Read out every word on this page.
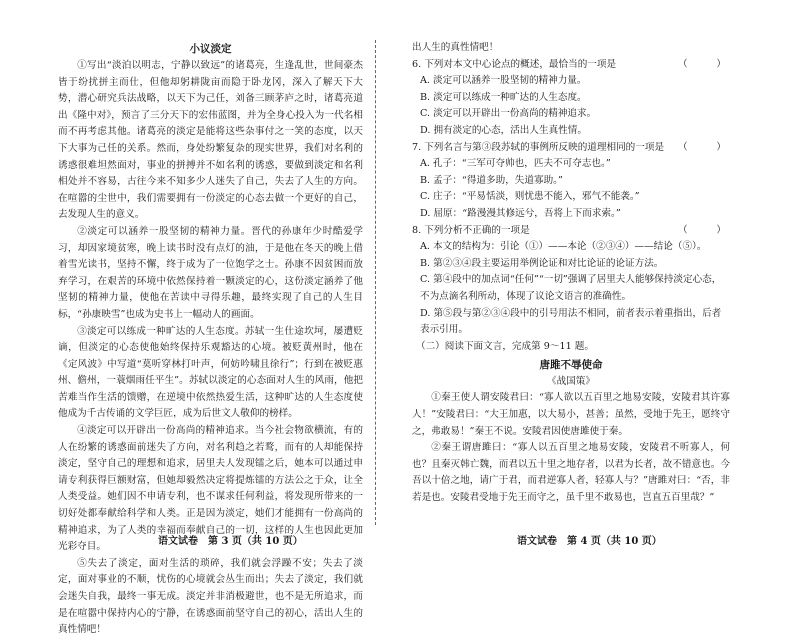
小议淡定

①写出“淡泊以明志，宁静以致远”的诸葛亮，生逢乱世，世间豪杰皆于纷扰拼主而仕，但他却躬耕陇亩而隐于卧龙冈，深入了解天下大势，潜心研究兵法战略，以天下为己任，刘备三顾茅庐之时，诸葛亮道出《隆中对》，预言了三分天下的宏伟蓝图，并为全身心投入为一代名相而不再考虑其他。诸葛亮的淡定是能将这些杂事付之一笑的态度，以天下大事为己任的关系。然而，身处纷繁复杂的现实世界，我们对名利的诱惑很难坦然面对，事业的拼搏并不如名利的诱惑，要做到淡定和名利相处并不容易，古往今来不知多少人迷失了自己，失去了人生的方向。在喧嚣的尘世中，我们需要拥有一份淡定的心态去做一个更好的自己，去发现人生的意义。

②淡定可以涵养一股坚韧的精神力量。晋代的孙康年少时酷爱学习，却因家境贫寒，晚上读书时没有点灯的油，于是他在冬天的晚上借着雪光读书，坚持不懈，终于成为了一位饱学之士。孙康不因贫困而放弃学习，在艰苦的环境中依然保持着一颗淡定的心，这份淡定涵养了他坚韧的精神力量，使他在苦读中寻得乐趣，最终实现了自己的人生目标，“孙康映雪”也成为史书上一幅动人的画面。

③淡定可以练成一种旷达的人生态度。苏轼一生仕途坎坷，屡遭贬谪，但淡定的心态使他始终保持乐观豁达的心境。被贬黄州时，他在《定风波》中写道“莫听穿林打叶声，何妨吟啸且徐行”；行到在被贬惠州、儋州，一蓑烟雨任平生”。苏轼以淡定的心态面对人生的风雨，他把苦难当作生活的馈赠，在逆境中依然热爱生活，这种旷达的人生态度使他成为千古传诵的文学巨匠，成为后世文人敬仰的榜样。

④淡定可以开辟出一份高尚的精神追求。当今社会物欲横流，有的人在纷繁的诱惑面前迷失了方向，对名利趋之若鹜，而有的人却能保持淡定，坚守自己的理想和追求，居里夫人发现镭之后，她本可以通过申请专利获得巨额财富，但她却毅然决定将提炼镭的方法公之于众，让全人类受益。她们因不申请专利，也不谋求任何利益，将发现所带来的一切好处都奉献给科学和人类。正是因为淡定，她们才能拥有一份高尚的精神追求，为了人类的幸福而奉献自己的一切，这样的人生也因此更加光彩夺目。

⑤失去了淡定，面对生活的琐碎，我们就会浮躁不安；失去了淡定，面对事业的不顺，忧伤的心境就会丛生而出；失去了淡定，我们就会迷失自我，最终一事无成。淡定并非消极避世，也不是无所追求，而是在喧嚣中保持内心的宁静，在诱惑面前坚守自己的初心，活出人生的真性情吧！

语文试卷　第 3 页（共 10 页）

出人生的真性情吧！

6. 下列对本文中心论点的概述，最恰当的一项是	（　　　）

A. 淡定可以涵养一股坚韧的精神力量。

B. 淡定可以练成一种旷达的人生态度。

C. 淡定可以开辟出一份高尚的精神追求。

D. 拥有淡定的心态，活出人生真性情。

7. 下列名言与第③段苏轼的事例所反映的道理相同的一项是 （　　　）

A. 孔子：“三军可夺帅也，匹夫不可夺志也。”

B. 孟子：“得道多助，失道寡助。”

C. 庄子：“平易恬淡，则忧患不能入，邪气不能袭。”

D. 屈原：“路漫漫其修远兮，吾将上下而求索。”

8. 下列分析不正确的一项是	（　　　）

A. 本文的结构为：引论（①）——本论（②③④）——结论（⑤）。

B. 第②③④段主要运用举例论证和对比论证的论证方法。

C. 第④段中的加点词“任何”“一切”强调了居里夫人能够保持淡定心态，不为点滴名利所动，体现了议论文语言的准确性。

D. 第⑤段与第②③④段中的引号用法不相同，前者表示着重指出，后者表示引用。

（二）阅读下面文言，完成第 9～11 题。

唐雎不辱使命

《战国策》

①秦王使人谓安陵君曰：“寡人欲以五百里之地易安陵，安陵君其许寡人！”安陵君曰：“大王加惠，以大易小，甚善；虽然，受地于先王，愿终守之，弗敢易！”秦王不说。安陵君因使唐雎使于秦。

②秦王谓唐雎曰：“寡人以五百里之地易安陵，安陵君不听寡人，何也？且秦灭韩亡魏，而君以五十里之地存者，以君为长者，故不错意也。今吾以十倍之地，请广于君，而君逆寡人者，轻寡人与？”唐雎对曰：“否，非若是也。安陵君受地于先王而守之，虽千里不敢易也，岂直五百里哉？”

语文试卷　第 4 页（共 10 页）
